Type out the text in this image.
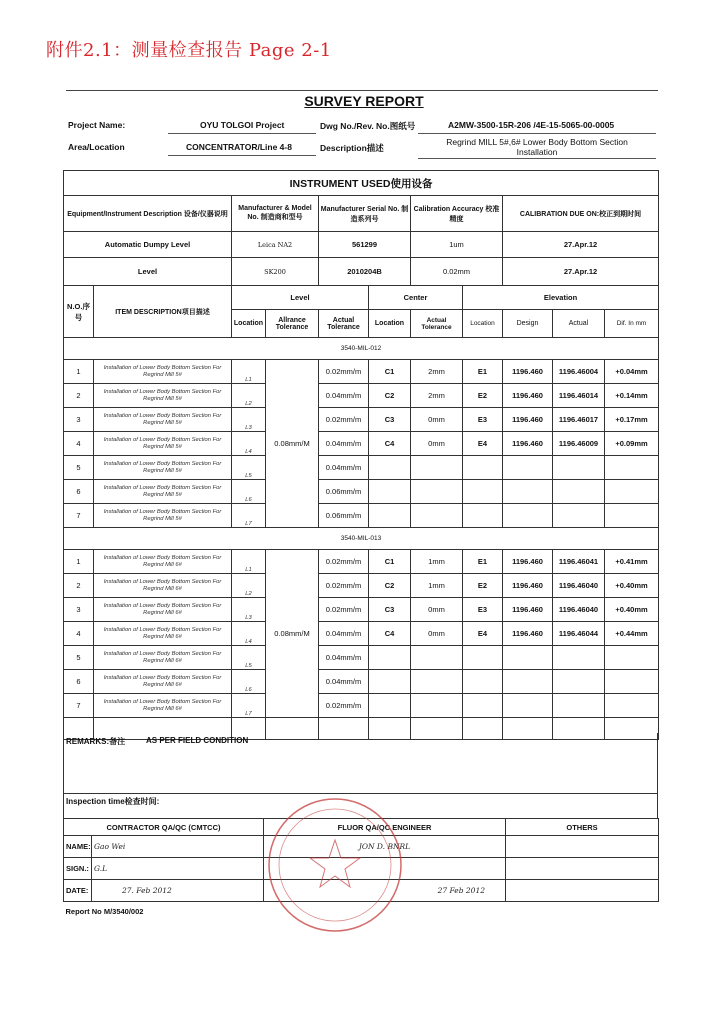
附件2.1：测量检查报告 Page 2-1
SURVEY REPORT
Project Name:	OYU TOLGOI Project	Dwg No./Rev. No.图纸号	A2MW-3500-15R-206 /4E-15-5065-00-0005
Area/Location	CONCENTRATOR/Line 4-8	Description描述
Regrind MILL 5#,6# Lower Body Bottom Section Installation
INSTRUMENT USED使用设备										
Equipment/Instrument Description 设备/仪器说明		Manufacturer & Model No. 制造商和型号		Manufacturer Serial No. 制造系列号		Calibration Accuracy 校准精度		CALIBRATION DUE ON:校正到期时间		
Automatic Dumpy Level		Leica NA2		561299		1um		27.Apr.12		
Level		SK200		2010204B		0.02mm		27.Apr.12		
N.O.序号	ITEM DESCRIPTION项目描述	Level			Center		Elevation			
		Location	Allrance Tolerance	Actual Tolerance	Location	Actual Tolerance	Location	Design	Actual	Dif. In mm
3540-MIL-012										
1	Installation of Lower Body Bottom Section For Regrind Mill 5#	L1	0.08mm/M	0.02mm/m	C1	2mm	E1	1196.460	1196.46004	+0.04mm
2	Installation of Lower Body Bottom Section For Regrind Mill 5#	L2		0.04mm/m	C2	2mm	E2	1196.460	1196.46014	+0.14mm
3	Installation of Lower Body Bottom Section For Regrind Mill 5#	L3		0.02mm/m	C3	0mm	E3	1196.460	1196.46017	+0.17mm
4	Installation of Lower Body Bottom Section For Regrind Mill 5#	L4		0.04mm/m	C4	0mm	E4	1196.460	1196.46009	+0.09mm
5	Installation of Lower Body Bottom Section For Regrind Mill 5#	L5		0.04mm/m						
6	Installation of Lower Body Bottom Section For Regrind Mill 5#	L6		0.06mm/m						
7	Installation of Lower Body Bottom Section For Regrind Mill 5#	L7		0.06mm/m						
3540-MIL-013										
1	Installation of Lower Body Bottom Section For Regrind Mill 6#	L1	0.08mm/M	0.02mm/m	C1	1mm	E1	1196.460	1196.46041	+0.41mm
2	Installation of Lower Body Bottom Section For Regrind Mill 6#	L2		0.02mm/m	C2	1mm	E2	1196.460	1196.46040	+0.40mm
3	Installation of Lower Body Bottom Section For Regrind Mill 6#	L3		0.02mm/m	C3	0mm	E3	1196.460	1196.46040	+0.40mm
4	Installation of Lower Body Bottom Section For Regrind Mill 6#	L4		0.04mm/m	C4	0mm	E4	1196.460	1196.46044	+0.44mm
5	Installation of Lower Body Bottom Section For Regrind Mill 6#	L5		0.04mm/m						
6	Installation of Lower Body Bottom Section For Regrind Mill 6#	L6		0.04mm/m						
7	Installation of Lower Body Bottom Section For Regrind Mill 6#	L7		0.02mm/m						

REMARKS:备注	AS PER FIELD CONDITION
Inspection time检查时间:
CONTRACTOR QA/QC (CMTCC)		FLUOR QA/QC ENGINEER	OTHERS
NAME:	Gao Wei	JON D. BNRL	
SIGN.:	G.L		
DATE:	27. Feb 2012	27 Feb 2012	
Report No M/3540/002			
